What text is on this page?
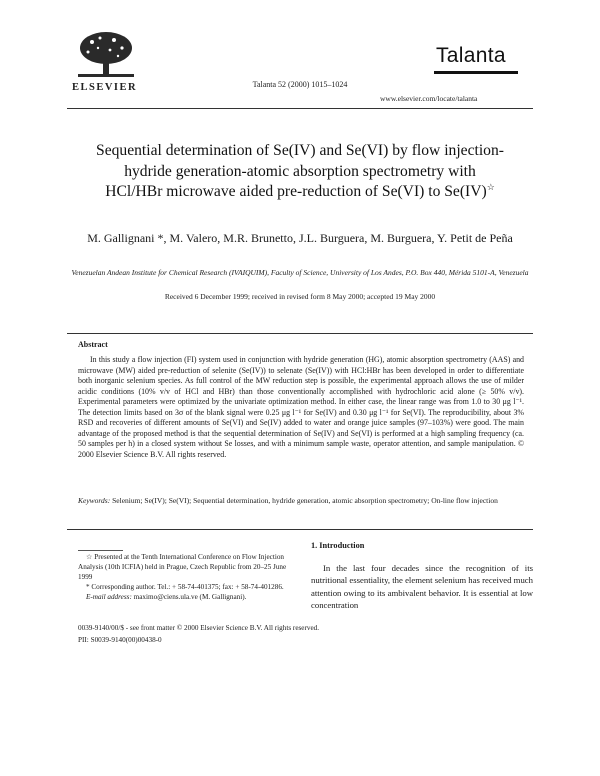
ELSEVIER	Talanta 52 (2000) 1015–1024
Talanta
www.elsevier.com/locate/talanta
Sequential determination of Se(IV) and Se(VI) by flow injection-hydride generation-atomic absorption spectrometry with HCl/HBr microwave aided pre-reduction of Se(VI) to Se(IV)☆
M. Gallignani *, M. Valero, M.R. Brunetto, J.L. Burguera, M. Burguera, Y. Petit de Peña
Venezuelan Andean Institute for Chemical Research (IVAIQUIM), Faculty of Science, University of Los Andes, P.O. Box 440, Mérida 5101-A, Venezuela
Received 6 December 1999; received in revised form 8 May 2000; accepted 19 May 2000
Abstract
In this study a flow injection (FI) system used in conjunction with hydride generation (HG), atomic absorption spectrometry (AAS) and microwave (MW) aided pre-reduction of selenite (Se(IV)) to selenate (Se(IV)) with HCl:HBr has been developed in order to differentiate both inorganic selenium species. As full control of the MW reduction step is possible, the experimental approach allows the use of milder acidic conditions (10% v/v of HCl and HBr) than those conventionally accomplished with hydrochloric acid alone (≥ 50% v/v). Experimental parameters were optimized by the univariate optimization method. In either case, the linear range was from 1.0 to 30 μg l⁻¹. The detection limits based on 3σ of the blank signal were 0.25 μg l⁻¹ for Se(IV) and 0.30 μg l⁻¹ for Se(VI). The reproducibility, about 3% RSD and recoveries of different amounts of Se(VI) and Se(IV) added to water and orange juice samples (97–103%) were good. The main advantage of the proposed method is that the sequential determination of Se(IV) and Se(VI) is performed at a high sampling frequency (ca. 50 samples per h) in a closed system without Se losses, and with a minimum sample waste, operator attention, and sample manipulation. © 2000 Elsevier Science B.V. All rights reserved.
Keywords: Selenium; Se(IV); Se(VI); Sequential determination, hydride generation, atomic absorption spectrometry; On-line flow injection
1. Introduction
In the last four decades since the recognition of its nutritional essentiality, the element selenium has received much attention owing to its ambivalent behavior. It is essential at low concentration

☆ Presented at the Tenth International Conference on Flow Injection Analysis (10th ICFIA) held in Prague, Czech Republic from 20–25 June 1999

* Corresponding author. Tel.: + 58-74-401375; fax: + 58-74-401286.

E-mail address: maximo@ciens.ula.ve (M. Gallignani).

0039-9140/00/$ - see front matter © 2000 Elsevier Science B.V. All rights reserved.

PII: S0039-9140(00)00438-0
